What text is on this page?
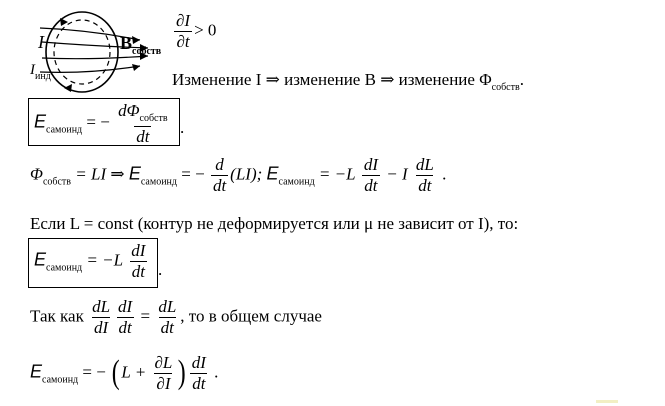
I
$I_{инд}$
$B_{собств}$
$\frac{\partial I}{\partial t} > 0$
Изменение I ⇒ изменение B ⇒ изменение $\Phi_{собств}$.
$E_{самоинд}$ = − $\frac{d\Phi_{собств}}{dt}$ .
$\Phi_{собств}$ = LI ⇒ $E_{самоинд}$ = − $\frac{d}{dt} (LI)$; $E_{самоинд} = -L \frac{dI}{dt} - I \frac{dL}{dt}$ .
Если L = const (контур не деформируется или μ не зависит от I), то:
$E_{самоинд} = -L \frac{dI}{dt}$ .
Так как $\frac{dL}{dI} \frac{dI}{dt} = \frac{dL}{dt}$ , то в общем случае
$E_{самоинд}$ = − ($L + \frac{\partial L}{\partial I}$ ) $\frac{dI}{dt}$ .
